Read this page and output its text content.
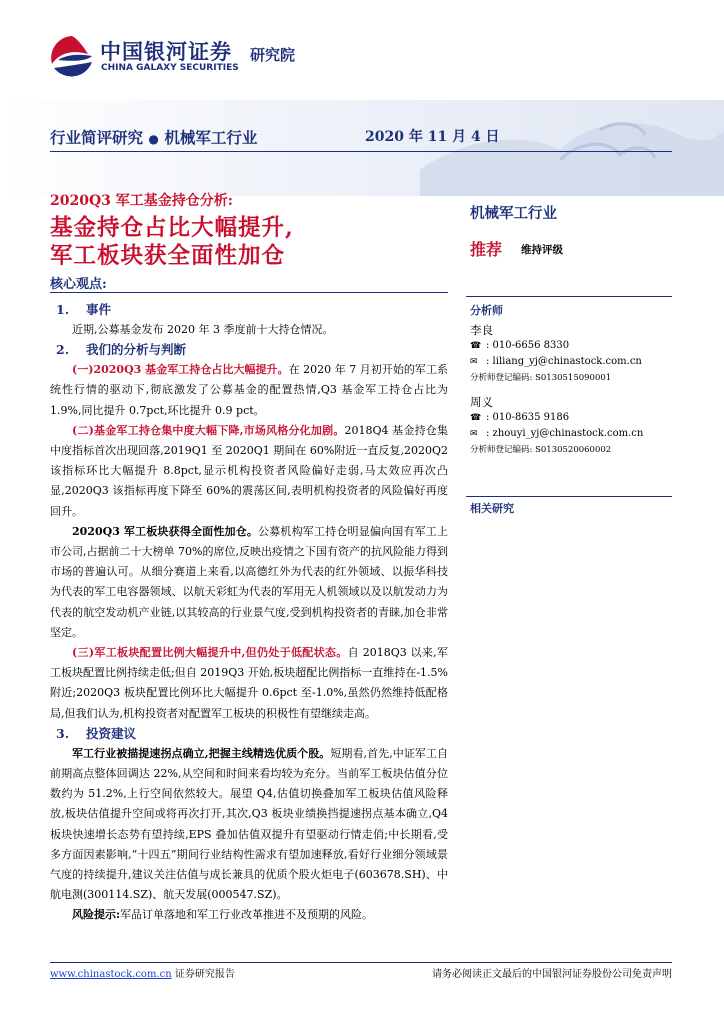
中国银河证券
CHINA GALAXY SECURITIES
研究院
行业简评研究 ● 机械军工行业	2020 年 11 月 4 日
2020Q3 军工基金持仓分析:
基金持仓占比大幅提升,
军工板块获全面性加仓
核心观点:
1. 事件

近期,公募基金发布 2020 年 3 季度前十大持仓情况。

2. 我们的分析与判断

(一)2020Q3 基金军工持仓占比大幅提升。在 2020 年 7 月初开始的军工系统性行情的驱动下,彻底激发了公募基金的配置热情,Q3 基金军工持仓占比为 1.9%,同比提升 0.7pct,环比提升 0.9 pct。

(二)基金军工持仓集中度大幅下降,市场风格分化加剧。2018Q4 基金持仓集中度指标首次出现回落,2019Q1 至 2020Q1 期间在 60%附近一直反复,2020Q2 该指标环比大幅提升 8.8pct,显示机构投资者风险偏好走弱,马太效应再次凸显,2020Q3 该指标再度下降至 60%的震荡区间,表明机构投资者的风险偏好再度回升。

2020Q3 军工板块获得全面性加仓。公募机构军工持仓明显偏向国有军工上市公司,占据前二十大榜单 70%的席位,反映出疫情之下国有资产的抗风险能力得到市场的普遍认可。从细分赛道上来看,以高德红外为代表的红外领域、以振华科技为代表的军工电容器领域、以航天彩虹为代表的军用无人机领域以及以航发动力为代表的航空发动机产业链,以其较高的行业景气度,受到机构投资者的青睐,加仓非常坚定。

(三)军工板块配置比例大幅提升中,但仍处于低配状态。自 2018Q3 以来,军工板块配置比例持续走低;但自 2019Q3 开始,板块超配比例指标一直维持在-1.5%附近;2020Q3 板块配置比例环比大幅提升 0.6pct 至-1.0%,虽然仍然维持低配格局,但我们认为,机构投资者对配置军工板块的积极性有望继续走高。

3. 投资建议

军工行业被描提速拐点确立,把握主线精选优质个股。短期看,首先,中证军工自前期高点整体回调达 22%,从空间和时间来看均较为充分。当前军工板块估值分位数约为 51.2%,上行空间依然较大。展望 Q4,估值切换叠加军工板块估值风险释放,板块估值提升空间或将再次打开,其次,Q3 板块业绩换挡提速拐点基本确立,Q4 板块快速增长态势有望持续,EPS 叠加估值双提升有望驱动行情走俏;中长期看,受多方面因素影响,“十四五”期间行业结构性需求有望加速释放,看好行业细分领域景气度的持续提升,建议关注估值与成长兼具的优质个股火炬电子(603678.SH)、中航电测(300114.SZ)、航天发展(000547.SZ)。

风险提示:军品订单落地和军工行业改革推进不及预期的风险。

机械军工行业
推荐 维持评级
分析师
李良
☎ : 010-6656 8330
✉ : liliang_yj@chinastock.com.cn
分析师登记编码: S0130515090001
周义
☎ : 010-8635 9186
✉ : zhouyi_yj@chinastock.com.cn
分析师登记编码: S0130520060002
相关研究
www.chinastock.com.cn 证券研究报告	请务必阅读正文最后的中国银河证券股份公司免责声明
